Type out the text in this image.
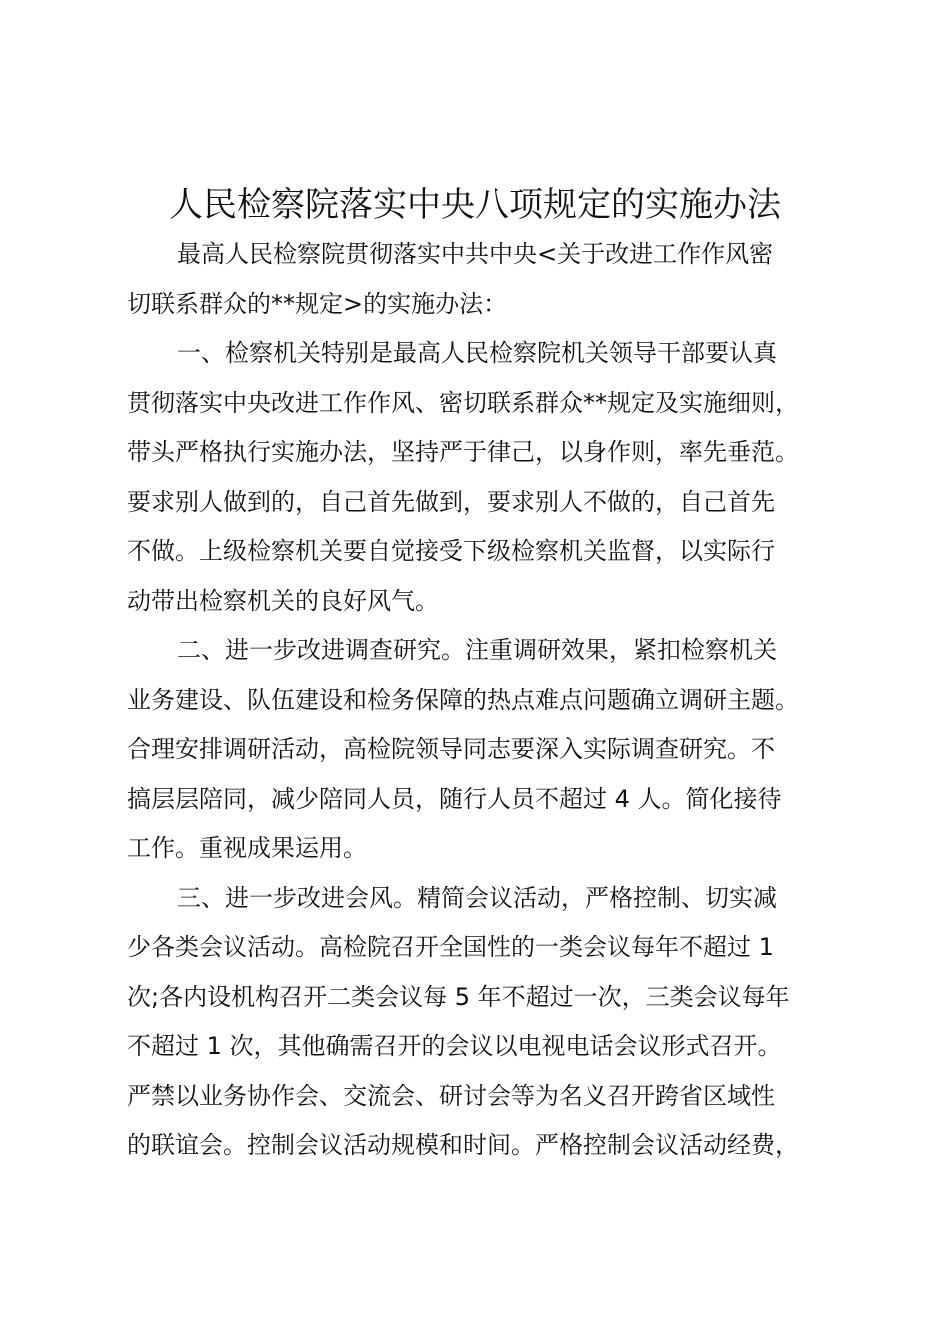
人民检察院落实中央八项规定的实施办法
最高人民检察院贯彻落实中共中央<关于改进工作作风密
切联系群众的**规定>的实施办法：
一、检察机关特别是最高人民检察院机关领导干部要认真
贯彻落实中央改进工作作风、密切联系群众**规定及实施细则，
带头严格执行实施办法，坚持严于律己，以身作则，率先垂范。
要求别人做到的，自己首先做到，要求别人不做的，自己首先
不做。上级检察机关要自觉接受下级检察机关监督，以实际行
动带出检察机关的良好风气。
二、进一步改进调查研究。注重调研效果，紧扣检察机关
业务建设、队伍建设和检务保障的热点难点问题确立调研主题。
合理安排调研活动，高检院领导同志要深入实际调查研究。不
搞层层陪同，减少陪同人员，随行人员不超过 4 人。简化接待
工作。重视成果运用。
三、进一步改进会风。精简会议活动，严格控制、切实减
少各类会议活动。高检院召开全国性的一类会议每年不超过 1
次;各内设机构召开二类会议每 5 年不超过一次，三类会议每年
不超过 1 次，其他确需召开的会议以电视电话会议形式召开。
严禁以业务协作会、交流会、研讨会等为名义召开跨省区域性
的联谊会。控制会议活动规模和时间。严格控制会议活动经费，
